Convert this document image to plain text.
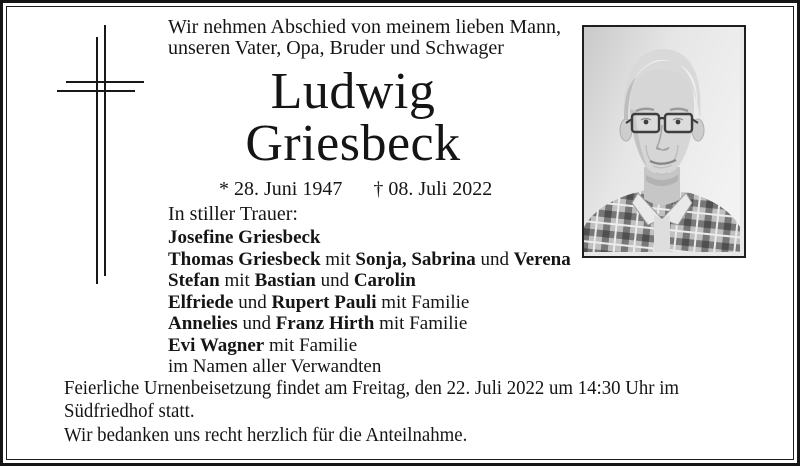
Wir nehmen Abschied von meinem lieben Mann,
unseren Vater, Opa, Bruder und Schwager
Ludwig
Griesbeck
* 28. Juni 1947 † 08. Juli 2022
In stiller Trauer:
Josefine Griesbeck
Thomas Griesbeck mit Sonja, Sabrina und Verena
Stefan mit Bastian und Carolin
Elfriede und Rupert Pauli mit Familie
Annelies und Franz Hirth mit Familie
Evi Wagner mit Familie
im Namen aller Verwandten
Feierliche Urnenbeisetzung findet am Freitag, den 22. Juli 2022 um 14:30 Uhr im
Südfriedhof statt.
Wir bedanken uns recht herzlich für die Anteilnahme.
